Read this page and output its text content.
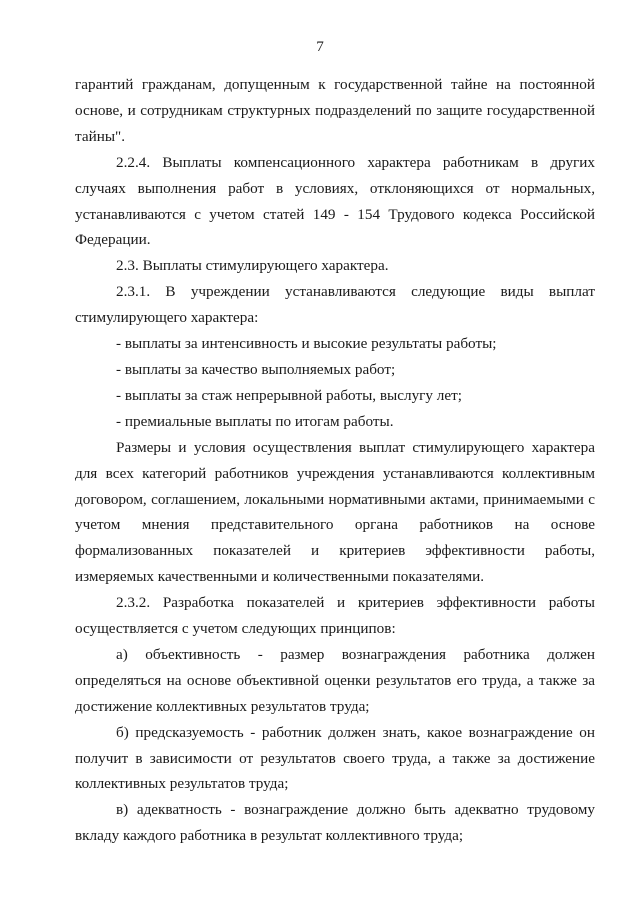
7

гарантий гражданам, допущенным к государственной тайне на постоянной основе, и сотрудникам структурных подразделений по защите государственной тайны".

2.2.4. Выплаты компенсационного характера работникам в других случаях выполнения работ в условиях, отклоняющихся от нормальных, устанавливаются с учетом статей 149 - 154 Трудового кодекса Российской Федерации.

2.3. Выплаты стимулирующего характера.

2.3.1. В учреждении устанавливаются следующие виды выплат стимулирующего характера:

- выплаты за интенсивность и высокие результаты работы;

- выплаты за качество выполняемых работ;

- выплаты за стаж непрерывной работы, выслугу лет;

- премиальные выплаты по итогам работы.

Размеры и условия осуществления выплат стимулирующего характера для всех категорий работников учреждения устанавливаются коллективным договором, соглашением, локальными нормативными актами, принимаемыми с учетом мнения представительного органа работников на основе формализованных показателей и критериев эффективности работы, измеряемых качественными и количественными показателями.

2.3.2. Разработка показателей и критериев эффективности работы осуществляется с учетом следующих принципов:

а) объективность - размер вознаграждения работника должен определяться на основе объективной оценки результатов его труда, а также за достижение коллективных результатов труда;

б) предсказуемость - работник должен знать, какое вознаграждение он получит в зависимости от результатов своего труда, а также за достижение коллективных результатов труда;

в) адекватность - вознаграждение должно быть адекватно трудовому вкладу каждого работника в результат коллективного труда;
